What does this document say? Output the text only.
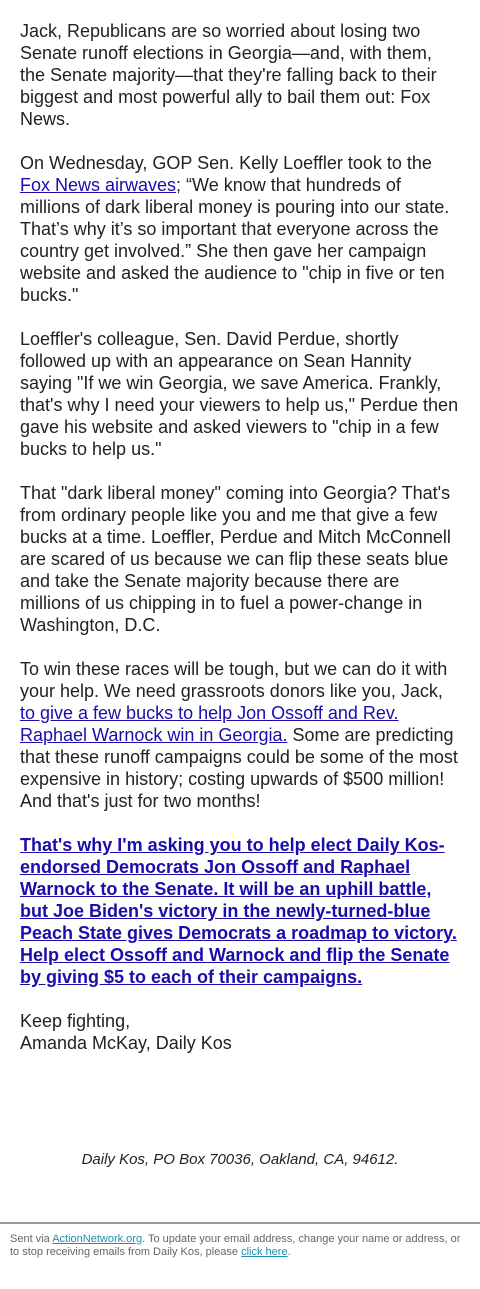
Jack, Republicans are so worried about losing two Senate runoff elections in Georgia—and, with them, the Senate majority—that they're falling back to their biggest and most powerful ally to bail them out: Fox News.

On Wednesday, GOP Sen. Kelly Loeffler took to the Fox News airwaves; “We know that hundreds of millions of dark liberal money is pouring into our state. That’s why it’s so important that everyone across the country get involved.” She then gave her campaign website and asked the audience to "chip in five or ten bucks."

Loeffler's colleague, Sen. David Perdue, shortly followed up with an appearance on Sean Hannity saying "If we win Georgia, we save America. Frankly, that's why I need your viewers to help us," Perdue then gave his website and asked viewers to "chip in a few bucks to help us."

That "dark liberal money" coming into Georgia? That's from ordinary people like you and me that give a few bucks at a time. Loeffler, Perdue and Mitch McConnell are scared of us because we can flip these seats blue and take the Senate majority because there are millions of us chipping in to fuel a power-change in Washington, D.C.

To win these races will be tough, but we can do it with your help. We need grassroots donors like you, Jack, to give a few bucks to help Jon Ossoff and Rev. Raphael Warnock win in Georgia. Some are predicting that these runoff campaigns could be some of the most expensive in history; costing upwards of $500 million! And that's just for two months!

That's why I'm asking you to help elect Daily Kos-endorsed Democrats Jon Ossoff and Raphael Warnock to the Senate. It will be an uphill battle, but Joe Biden's victory in the newly-turned-blue Peach State gives Democrats a roadmap to victory. Help elect Ossoff and Warnock and flip the Senate by giving $5 to each of their campaigns.

Keep fighting,
Amanda McKay, Daily Kos

Daily Kos, PO Box 70036, Oakland, CA, 94612.
Sent via ActionNetwork.org. To update your email address, change your name or address, or to stop receiving emails from Daily Kos, please click here.
